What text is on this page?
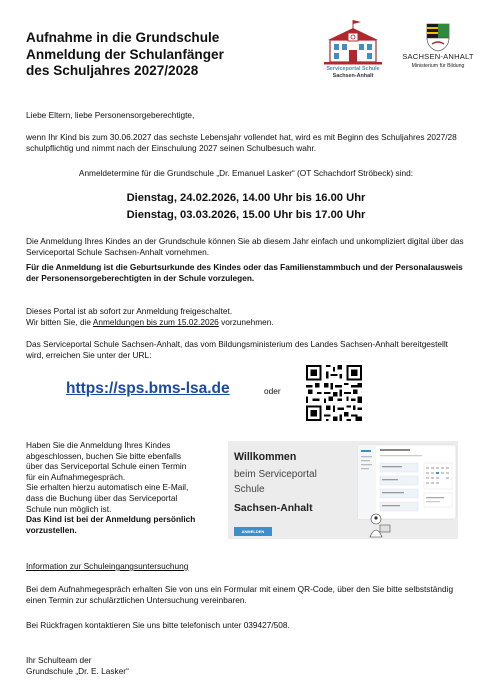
Aufnahme in die Grundschule
Anmeldung der Schulanfänger
des Schuljahres 2027/2028	Serviceportal Schule
Sachsen-Anhalt
SACHSEN-ANHALT
Ministerium für Bildung
Liebe Eltern, liebe Personensorgeberechtigte,
wenn Ihr Kind bis zum 30.06.2027 das sechste Lebensjahr vollendet hat, wird es mit Beginn des Schuljahres 2027/28 schulpflichtig und nimmt nach der Einschulung 2027 seinen Schulbesuch wahr.
Anmeldetermine für die Grundschule „Dr. Emanuel Lasker“ (OT Schachdorf Ströbeck) sind:
Dienstag, 24.02.2026, 14.00 Uhr bis 16.00 Uhr
Dienstag, 03.03.2026, 15.00 Uhr bis 17.00 Uhr
Die Anmeldung Ihres Kindes an der Grundschule können Sie ab diesem Jahr einfach und unkompliziert digital über das Serviceportal Schule Sachsen-Anhalt vornehmen.
Für die Anmeldung ist die Geburtsurkunde des Kindes oder das Familienstammbuch und der Personalausweis der Personensorgeberechtigten in der Schule vorzulegen.
Dieses Portal ist ab sofort zur Anmeldung freigeschaltet.
Wir bitten Sie, die Anmeldungen bis zum 15.02.2026 vorzunehmen.
Das Serviceportal Schule Sachsen-Anhalt, das vom Bildungsministerium des Landes Sachsen-Anhalt bereitgestellt wird, erreichen Sie unter der URL:
https://sps.bms-lsa.de	oder
Haben Sie die Anmeldung Ihres Kindes
abgeschlossen, buchen Sie bitte ebenfalls
über das Serviceportal Schule einen Termin
für ein Aufnahmegespräch.
Sie erhalten hierzu automatisch eine E-Mail,
dass die Buchung über das Serviceportal
Schule nun möglich ist.
Das Kind ist bei der Anmeldung persönlich
vorzustellen.
Willkommen
beim Serviceportal
Schule
Sachsen-Anhalt
ANMELDEN
Information zur Schuleingangsuntersuchung
Bei dem Aufnahmegespräch erhalten Sie von uns ein Formular mit einem QR-Code, über den Sie bitte selbstständig einen Termin zur schulärztlichen Untersuchung vereinbaren.
Bei Rückfragen kontaktieren Sie uns bitte telefonisch unter 039427/508.
Ihr Schulteam der
Grundschule „Dr. E. Lasker“
